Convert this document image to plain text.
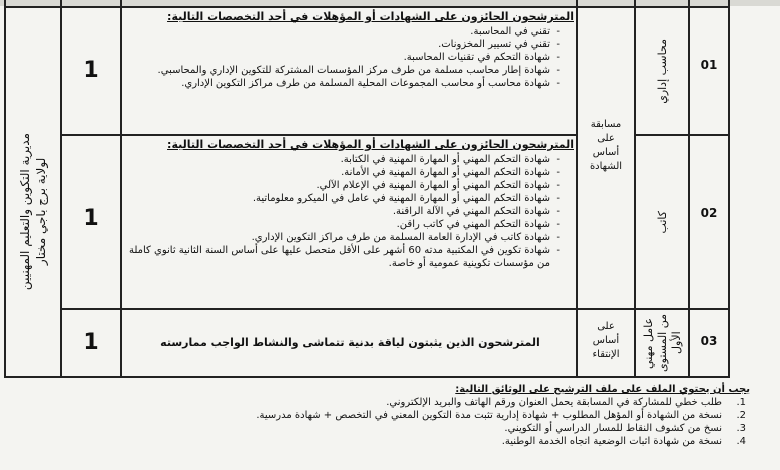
مديرية التكوين والتعليم المهنيين
لولاية برج باجي مختار
01
محاسب إداري
1
المترشحون الحائزون على الشهادات أو المؤهلات في أحد التخصصات التالية:
- تقني في المحاسبة.
- تقني في تسيير المخزونات.
- شهادة التحكم في تقنيات المحاسبة.
- شهادة إطار محاسب مسلمة من طرف مركز المؤسسات المشتركة للتكوين الإداري والمحاسبي.
- شهادة محاسب أو محاسب المجموعات المحلية المسلمة من طرف مراكز التكوين الإداري.
مسابقة
على
أساس
الشهادة
02
كاتب
1
المترشحون الحائزون على الشهادات أو المؤهلات في أحد التخصصات التالية:
- شهادة التحكم المهني أو المهارة المهنية في الكتابة.
- شهادة التحكم المهني أو المهارة المهنية في الأمانة.
- شهادة التحكم المهني أو المهارة المهنية في الإعلام الآلي.
- شهادة التحكم المهني أو المهارة المهنية في عامل في الميكرو معلوماتية.
- شهادة التحكم المهني في الآلة الراقنة.
- شهادة التحكم المهني في كاتب راقن.
- شهادة كاتب في الإدارة العامة المسلمة من طرف مراكز التكوين الإداري.
- شهادة تكوين في المكتبية مدته 60 أشهر على الأقل متحصل عليها على أساس السنة الثانية ثانوي كاملة من مؤسسات تكوينية عمومية أو خاصة.
03
عامل مهني
من المستوى
الأول
1
على
أساس
الإنتقاء
المترشحون الذين يثبتون لياقة بدنية تتماشى والنشاط الواجب ممارسته
يجب أن يحتوي الملف على ملف الترشيح على الوثائق التالية:
1.
طلب خطي للمشاركة في المسابقة يحمل العنوان ورقم الهاتف والبريد الإلكتروني.
2.
نسخة من الشهادة أو المؤهل المطلوب + شهادة إدارية تثبت مدة التكوين المعني في التخصص + شهادة مدرسية.
3.
نسخ من كشوف النقاط للمسار الدراسي أو التكويني.
4.
نسخة من شهادة اثبات الوضعية اتجاه الخدمة الوطنية.
